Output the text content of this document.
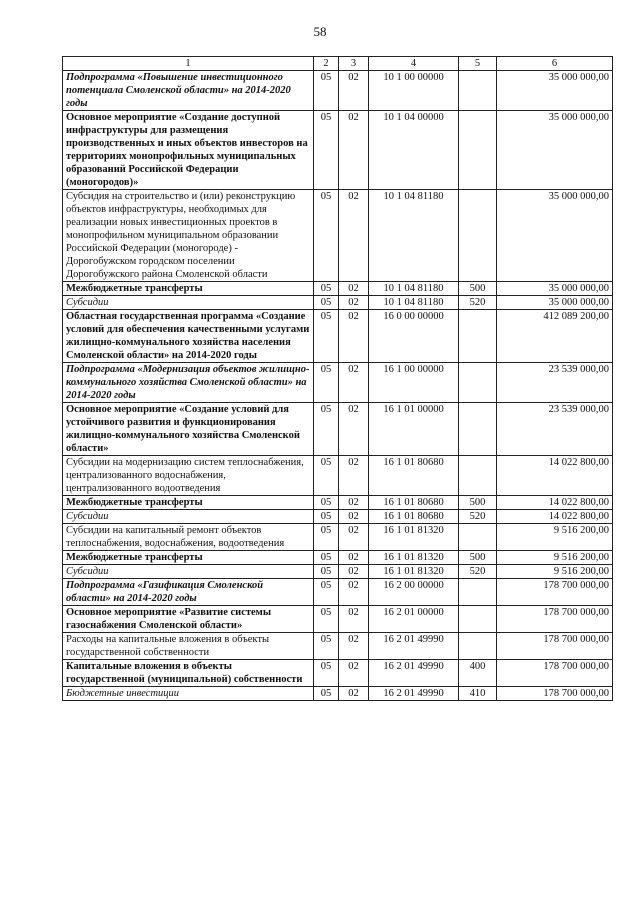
58
1	2	3	4	5	6
Подпрограмма «Повышение инвестиционного потенциала Смоленской области» на 2014-2020 годы	05	02	10 1 00 00000		35 000 000,00
Основное мероприятие «Создание доступной инфраструктуры для размещения производственных и иных объектов инвесторов на территориях монопрофильных муниципальных образований Российской Федерации (моногородов)»	05	02	10 1 04 00000		35 000 000,00
Субсидия на строительство и (или) реконструкцию объектов инфраструктуры, необходимых для реализации новых инвестиционных проектов в монопрофильном муниципальном образовании Российской Федерации (моногороде) - Дорогобужском городском поселении Дорогобужского района Смоленской области	05	02	10 1 04 81180		35 000 000,00
Межбюджетные трансферты	05	02	10 1 04 81180	500	35 000 000,00
Субсидии	05	02	10 1 04 81180	520	35 000 000,00
Областная государственная программа «Создание условий для обеспечения качественными услугами жилищно-коммунального хозяйства населения Смоленской области» на 2014-2020 годы	05	02	16 0 00 00000		412 089 200,00
Подпрограмма «Модернизация объектов жилищно-коммунального хозяйства Смоленской области» на 2014-2020 годы	05	02	16 1 00 00000		23 539 000,00
Основное мероприятие «Создание условий для устойчивого развития и функционирования жилищно-коммунального хозяйства Смоленской области»	05	02	16 1 01 00000		23 539 000,00
Субсидии на модернизацию систем теплоснабжения, централизованного водоснабжения, централизованного водоотведения	05	02	16 1 01 80680		14 022 800,00
Межбюджетные трансферты	05	02	16 1 01 80680	500	14 022 800,00
Субсидии	05	02	16 1 01 80680	520	14 022 800,00
Субсидии на капитальный ремонт объектов теплоснабжения, водоснабжения, водоотведения	05	02	16 1 01 81320		9 516 200,00
Межбюджетные трансферты	05	02	16 1 01 81320	500	9 516 200,00
Субсидии	05	02	16 1 01 81320	520	9 516 200,00
Подпрограмма «Газификация Смоленской области» на 2014-2020 годы	05	02	16 2 00 00000		178 700 000,00
Основное мероприятие «Развитие системы газоснабжения Смоленской области»	05	02	16 2 01 00000		178 700 000,00
Расходы на капитальные вложения в объекты государственной собственности	05	02	16 2 01 49990		178 700 000,00
Капитальные вложения в объекты государственной (муниципальной) собственности	05	02	16 2 01 49990	400	178 700 000,00
Бюджетные инвестиции	05	02	16 2 01 49990	410	178 700 000,00
